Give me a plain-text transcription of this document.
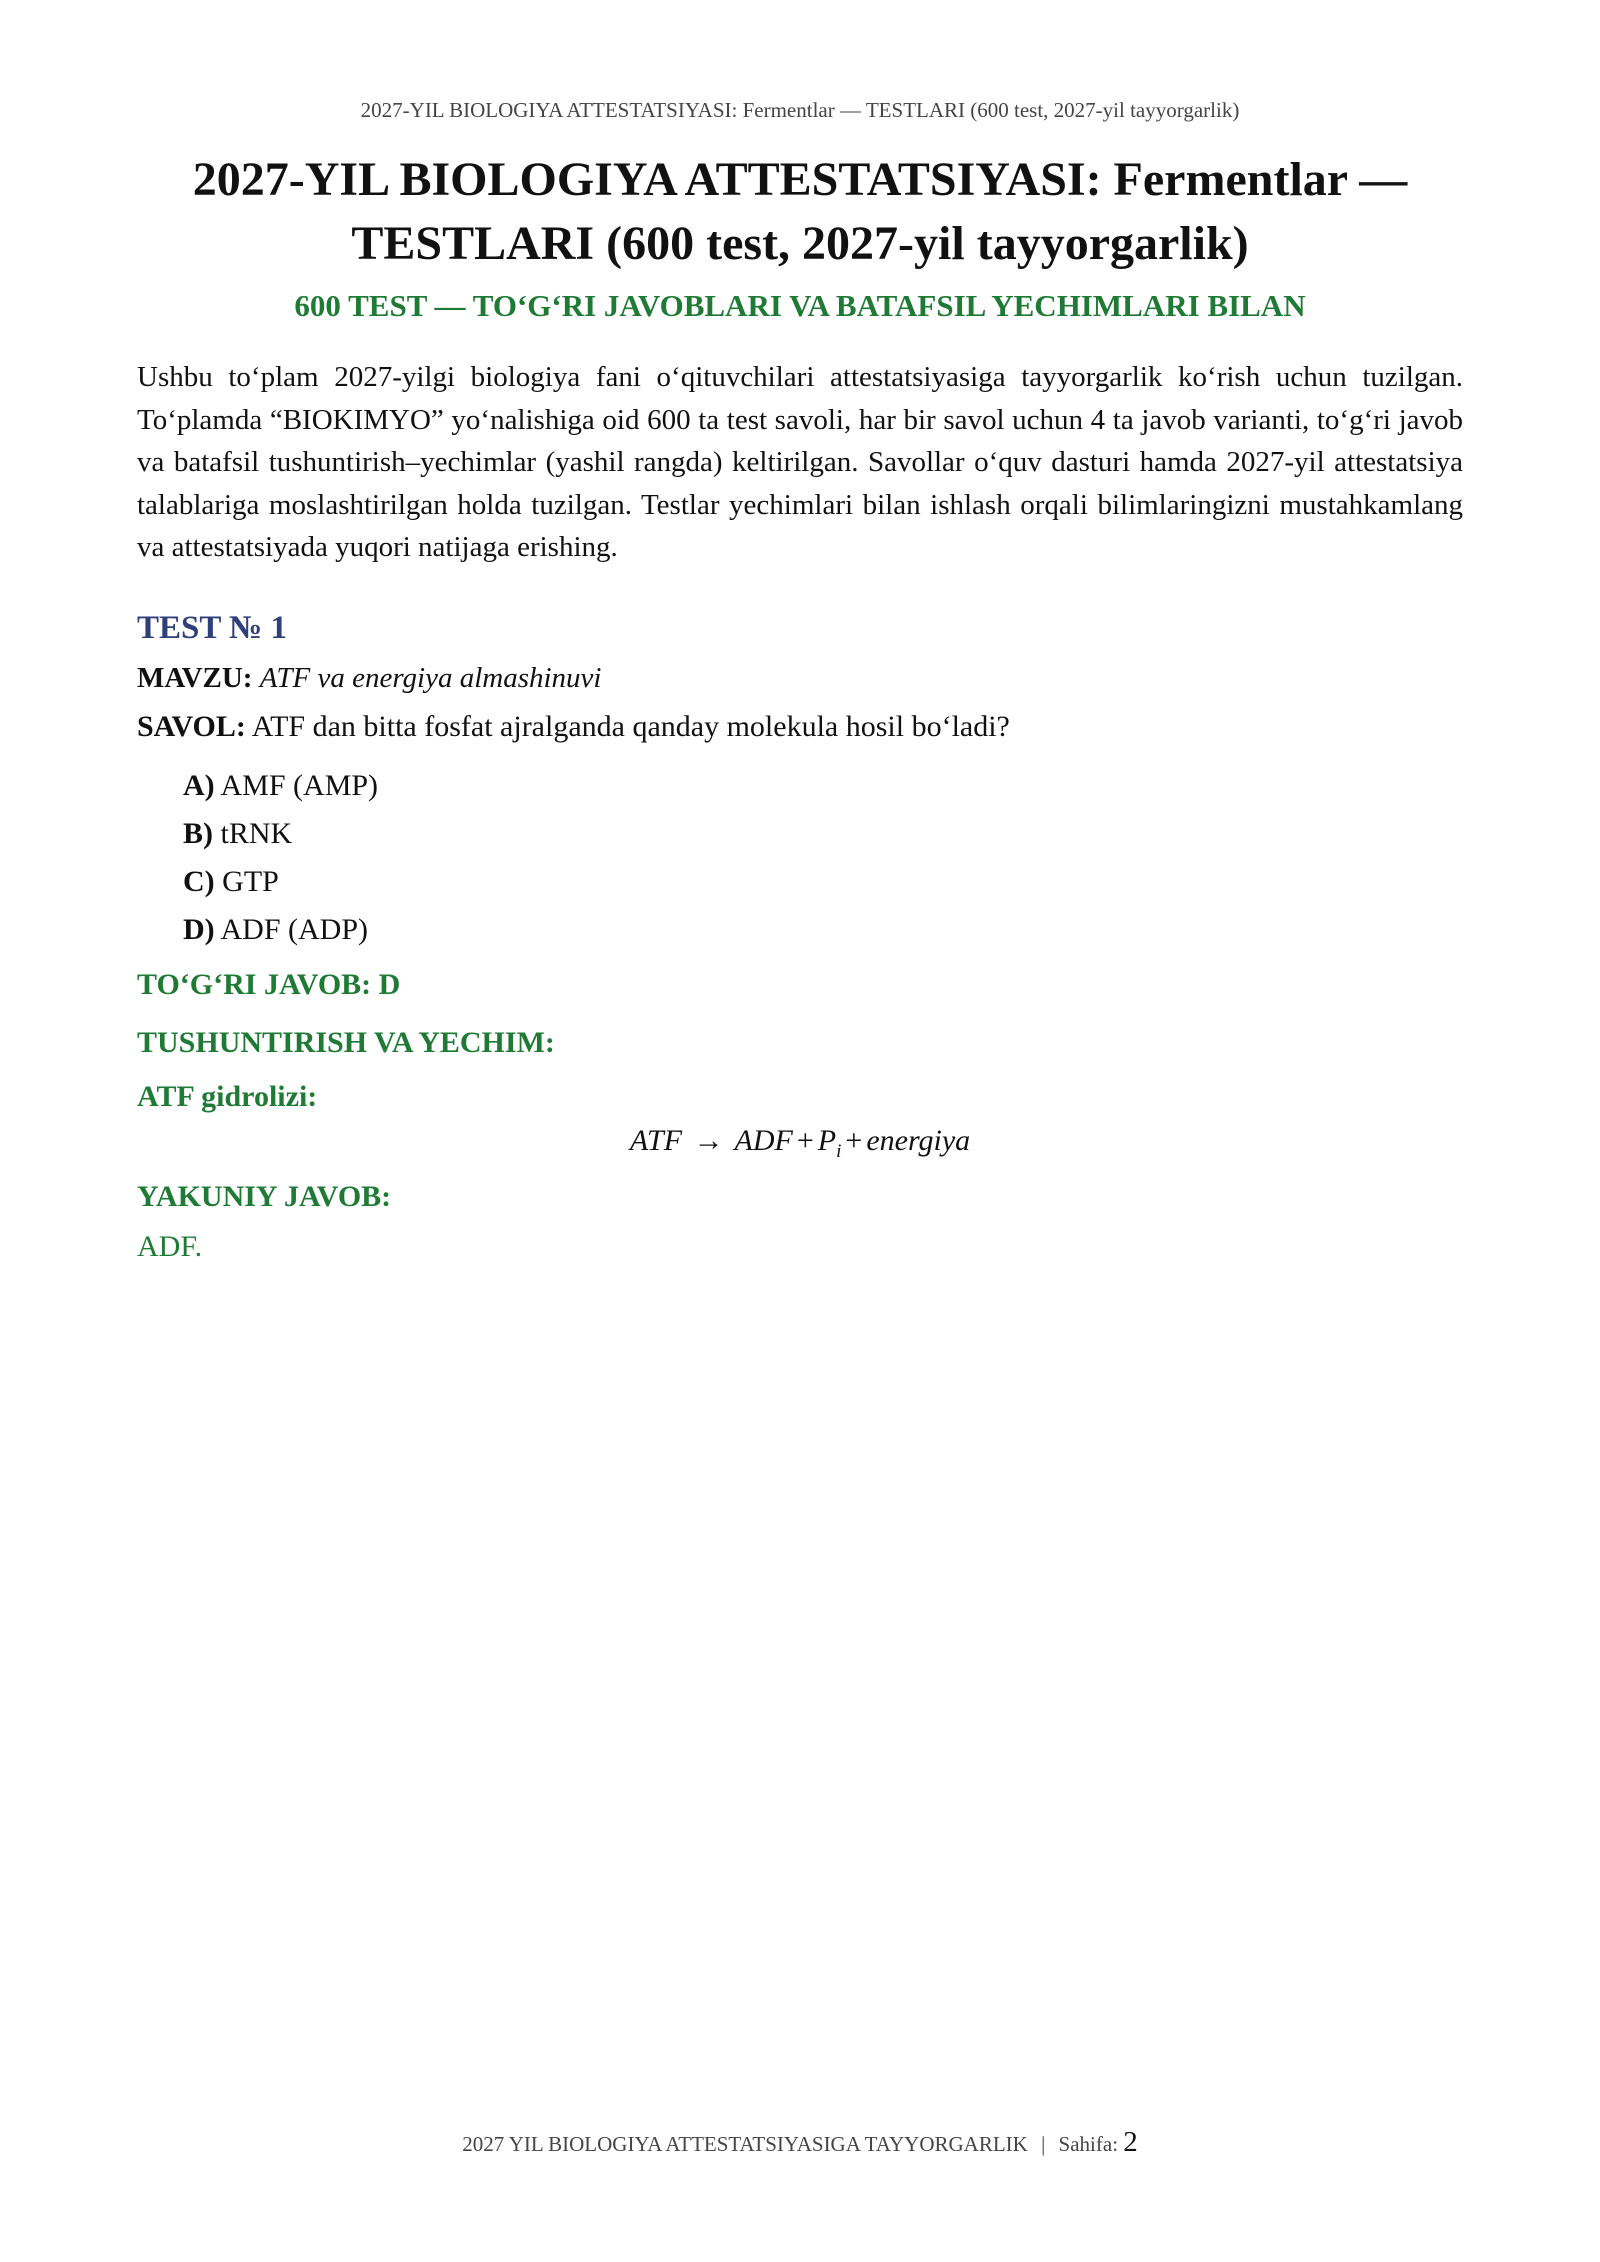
2027-YIL BIOLOGIYA ATTESTATSIYASI: Fermentlar — TESTLARI (600 test, 2027-yil tayyorgarlik)
2027-YIL BIOLOGIYA ATTESTATSIYASI: Fermentlar — TESTLARI (600 test, 2027-yil tayyorgarlik)
600 TEST — TO‘G‘RI JAVOBLARI VA BATAFSIL YECHIMLARI BILAN
Ushbu to‘plam 2027-yilgi biologiya fani o‘qituvchilari attestatsiyasiga tayyorgarlik ko‘rish uchun tuzilgan. To‘plamda “BIOKIMYO” yo‘nalishiga oid 600 ta test savoli, har bir savol uchun 4 ta javob varianti, to‘g‘ri javob va batafsil tushuntirish–yechimlar (yashil rangda) keltirilgan. Savollar o‘quv dasturi hamda 2027-yil attestatsiya talablariga moslashtirilgan holda tuzilgan. Testlar yechimlari bilan ishlash orqali bilimlaringizni mustahkamlang va attestatsiyada yuqori natijaga erishing.
TEST № 1
MAVZU: ATF va energiya almashinuvi
SAVOL: ATF dan bitta fosfat ajralganda qanday molekula hosil bo‘ladi?
A) AMF (AMP)
B) tRNK
C) GTP
D) ADF (ADP)
TO‘G‘RI JAVOB: D
TUSHUNTIRISH VA YECHIM:
ATF gidrolizi:
ATF → ADF + $P_i$ + energiya
YAKUNIY JAVOB:
ADF.
2027 YIL BIOLOGIYA ATTESTATSIYASIGA TAYYORGARLIK | Sahifa: 2
